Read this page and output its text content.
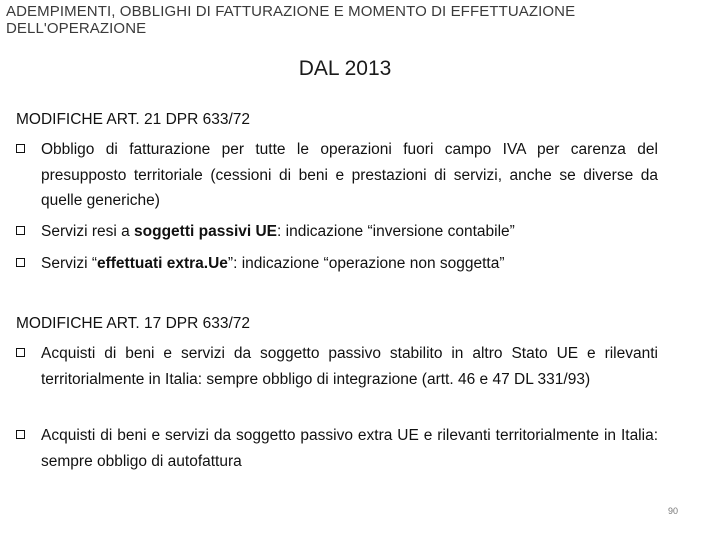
ADEMPIMENTI, OBBLIGHI DI FATTURAZIONE E MOMENTO DI EFFETTUAZIONE DELL'OPERAZIONE
DAL 2013
MODIFICHE ART. 21 DPR 633/72
Obbligo di fatturazione per tutte le operazioni fuori campo IVA per carenza del presupposto territoriale (cessioni di beni e prestazioni di servizi, anche se diverse da quelle generiche)
Servizi resi a soggetti passivi UE: indicazione “inversione contabile”
Servizi “effettuati extra.Ue”: indicazione “operazione non soggetta”
MODIFICHE ART. 17 DPR 633/72
Acquisti di beni e servizi da soggetto passivo stabilito in altro Stato UE e rilevanti territorialmente in Italia: sempre obbligo di integrazione (artt. 46 e 47 DL 331/93)
Acquisti di beni e servizi da soggetto passivo extra UE e rilevanti territorialmente in Italia: sempre obbligo di autofattura
90
